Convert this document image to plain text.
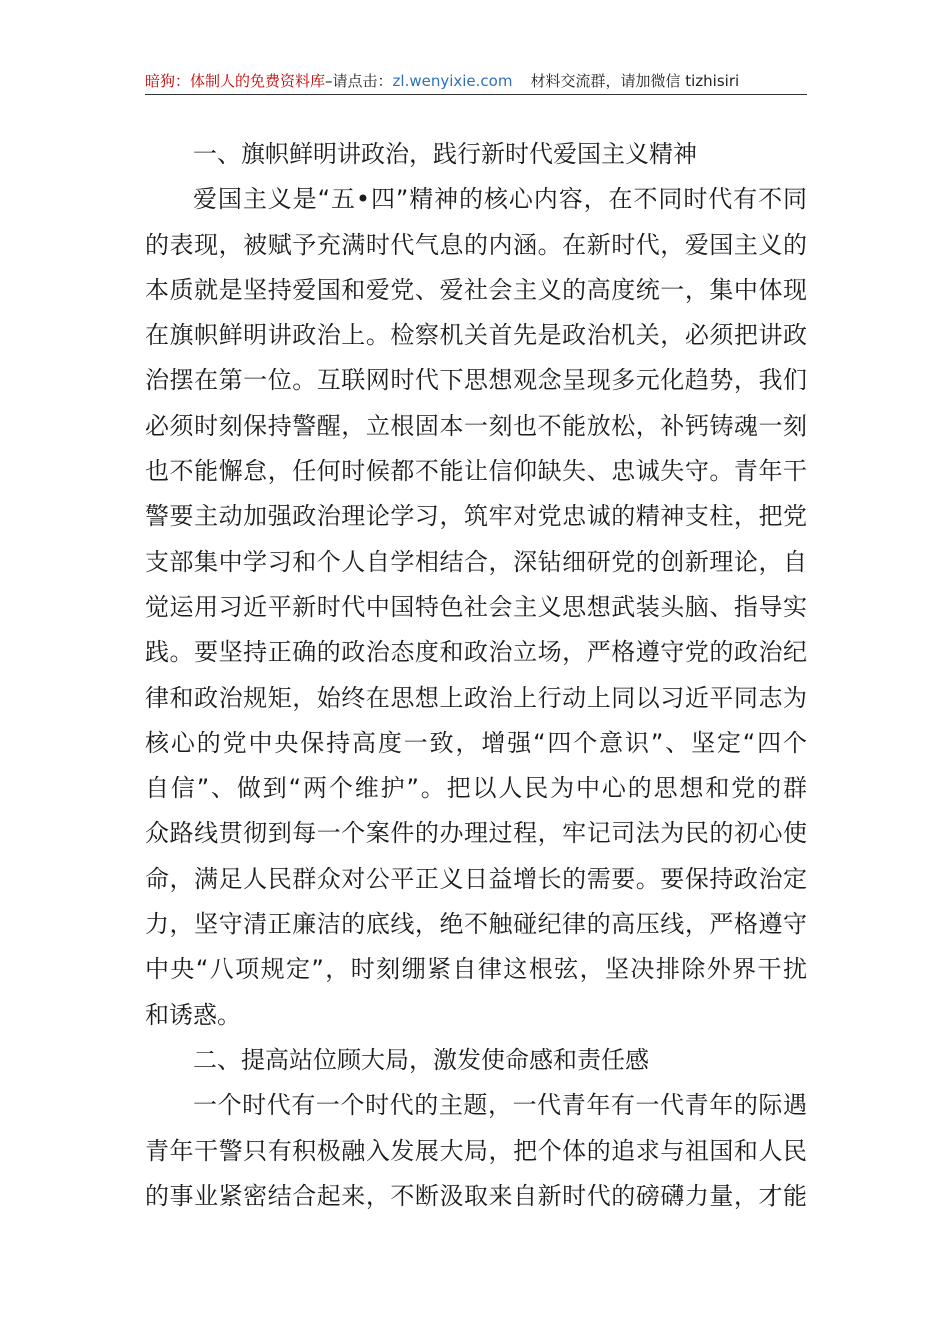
暗狗：体制人的免费资料库–请点击：zl.wenyixie.com 材料交流群，请加微信 tizhisiri
一、旗帜鲜明讲政治，践行新时代爱国主义精神
爱国主义是“五•四”精神的核心内容，在不同时代有不同
的表现，被赋予充满时代气息的内涵。在新时代，爱国主义的
本质就是坚持爱国和爱党、爱社会主义的高度统一，集中体现
在旗帜鲜明讲政治上。检察机关首先是政治机关，必须把讲政
治摆在第一位。互联网时代下思想观念呈现多元化趋势，我们
必须时刻保持警醒，立根固本一刻也不能放松，补钙铸魂一刻
也不能懈怠，任何时候都不能让信仰缺失、忠诚失守。青年干
警要主动加强政治理论学习，筑牢对党忠诚的精神支柱，把党
支部集中学习和个人自学相结合，深钻细研党的创新理论，自
觉运用习近平新时代中国特色社会主义思想武装头脑、指导实
践。要坚持正确的政治态度和政治立场，严格遵守党的政治纪
律和政治规矩，始终在思想上政治上行动上同以习近平同志为
核心的党中央保持高度一致，增强“四个意识”、坚定“四个
自信”、做到“两个维护”。把以人民为中心的思想和党的群
众路线贯彻到每一个案件的办理过程，牢记司法为民的初心使
命，满足人民群众对公平正义日益增长的需要。要保持政治定
力，坚守清正廉洁的底线，绝不触碰纪律的高压线，严格遵守
中央“八项规定”，时刻绷紧自律这根弦，坚决排除外界干扰
和诱惑。
二、提高站位顾大局，激发使命感和责任感
一个时代有一个时代的主题，一代青年有一代青年的际遇
青年干警只有积极融入发展大局，把个体的追求与祖国和人民
的事业紧密结合起来，不断汲取来自新时代的磅礴力量，才能
